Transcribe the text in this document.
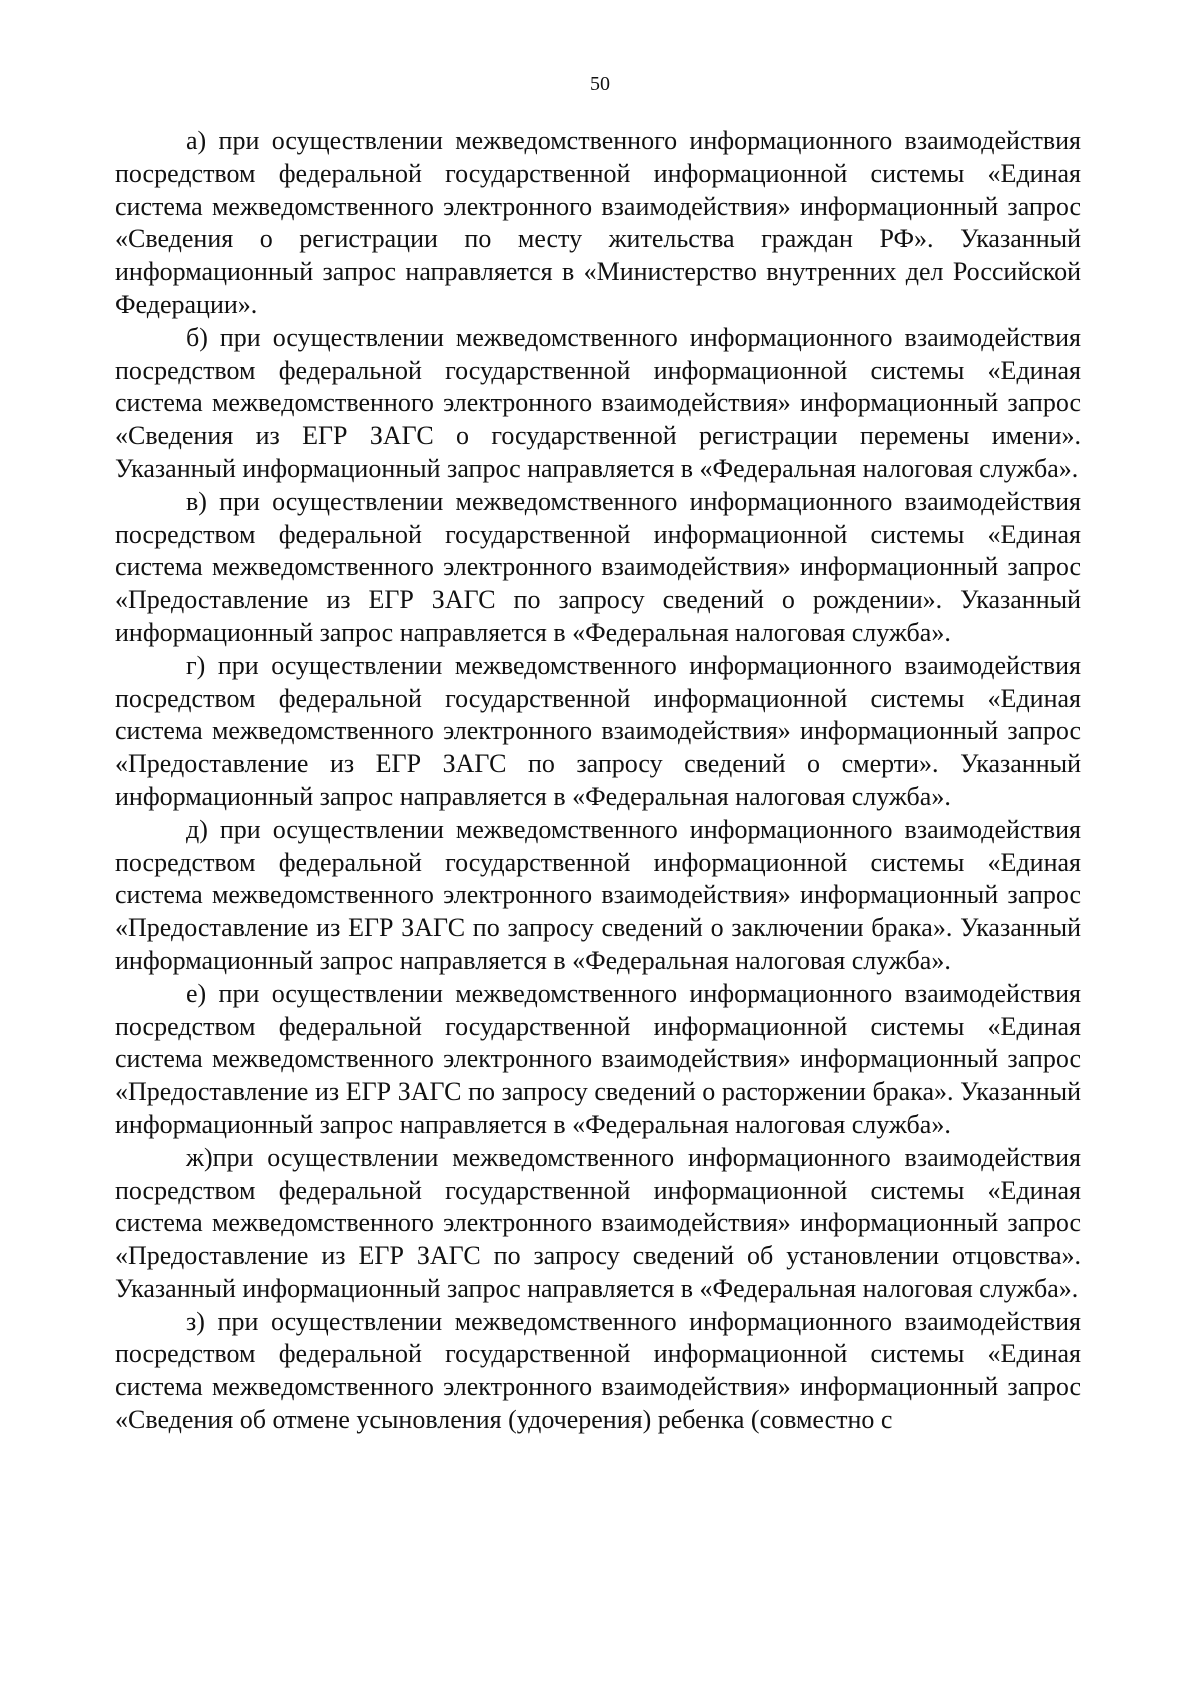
50

а) при осуществлении межведомственного информационного взаимодействия посредством федеральной государственной информационной системы «Единая система межведомственного электронного взаимодействия» информационный запрос «Сведения о регистрации по месту жительства граждан РФ». Указанный информационный запрос направляется в «Министерство внутренних дел Российской Федерации».

б) при осуществлении межведомственного информационного взаимодействия посредством федеральной государственной информационной системы «Единая система межведомственного электронного взаимодействия» информационный запрос «Сведения из ЕГР ЗАГС о государственной регистрации перемены имени». Указанный информационный запрос направляется в «Федеральная налоговая служба».

в) при осуществлении межведомственного информационного взаимодействия посредством федеральной государственной информационной системы «Единая система межведомственного электронного взаимодействия» информационный запрос «Предоставление из ЕГР ЗАГС по запросу сведений о рождении». Указанный информационный запрос направляется в «Федеральная налоговая служба».

г) при осуществлении межведомственного информационного взаимодействия посредством федеральной государственной информационной системы «Единая система межведомственного электронного взаимодействия» информационный запрос «Предоставление из ЕГР ЗАГС по запросу сведений о смерти». Указанный информационный запрос направляется в «Федеральная налоговая служба».

д) при осуществлении межведомственного информационного взаимодействия посредством федеральной государственной информационной системы «Единая система межведомственного электронного взаимодействия» информационный запрос «Предоставление из ЕГР ЗАГС по запросу сведений о заключении брака». Указанный информационный запрос направляется в «Федеральная налоговая служба».

е) при осуществлении межведомственного информационного взаимодействия посредством федеральной государственной информационной системы «Единая система межведомственного электронного взаимодействия» информационный запрос «Предоставление из ЕГР ЗАГС по запросу сведений о расторжении брака». Указанный информационный запрос направляется в «Федеральная налоговая служба».

ж)при осуществлении межведомственного информационного взаимодействия посредством федеральной государственной информационной системы «Единая система межведомственного электронного взаимодействия» информационный запрос «Предоставление из ЕГР ЗАГС по запросу сведений об установлении отцовства». Указанный информационный запрос направляется в «Федеральная налоговая служба».

з) при осуществлении межведомственного информационного взаимодействия посредством федеральной государственной информационной системы «Единая система межведомственного электронного взаимодействия» информационный запрос «Сведения об отмене усыновления (удочерения) ребенка (совместно с
